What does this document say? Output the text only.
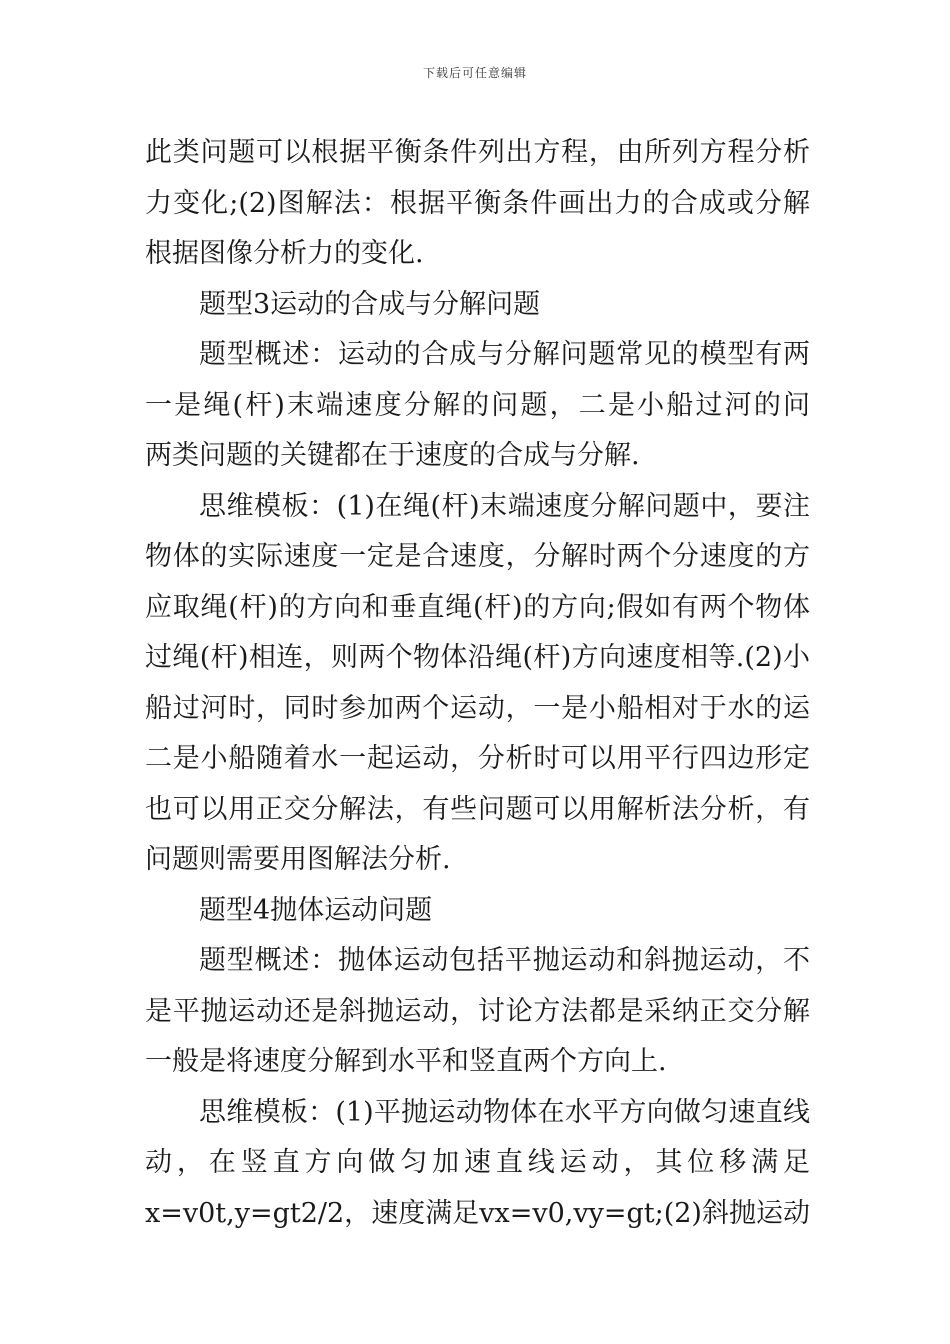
下载后可任意编辑
此类问题可以根据平衡条件列出方程，由所列方程分析
力变化;(2)图解法：根据平衡条件画出力的合成或分解
根据图像分析力的变化.
题型3运动的合成与分解问题
题型概述：运动的合成与分解问题常见的模型有两
一是绳(杆)末端速度分解的问题，二是小船过河的问
两类问题的关键都在于速度的合成与分解.
思维模板：(1)在绳(杆)末端速度分解问题中，要注
物体的实际速度一定是合速度，分解时两个分速度的方
应取绳(杆)的方向和垂直绳(杆)的方向;假如有两个物体
过绳(杆)相连，则两个物体沿绳(杆)方向速度相等.(2)小
船过河时，同时参加两个运动，一是小船相对于水的运
二是小船随着水一起运动，分析时可以用平行四边形定
也可以用正交分解法，有些问题可以用解析法分析，有
问题则需要用图解法分析.
题型4抛体运动问题
题型概述：抛体运动包括平抛运动和斜抛运动，不
是平抛运动还是斜抛运动，讨论方法都是采纳正交分解
一般是将速度分解到水平和竖直两个方向上.
思维模板：(1)平抛运动物体在水平方向做匀速直线
动，在竖直方向做匀加速直线运动，其位移满足
x=v0t,y=gt2/2，速度满足vx=v0,vy=gt;(2)斜抛运动
